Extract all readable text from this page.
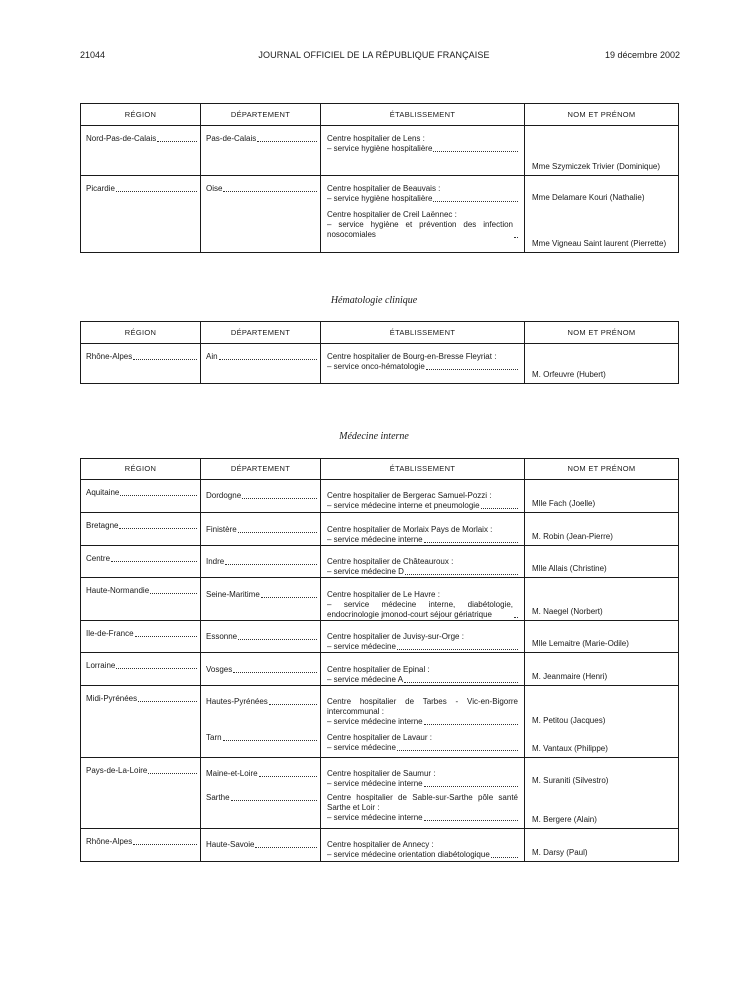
21044	JOURNAL OFFICIEL DE LA RÉPUBLIQUE FRANÇAISE	19 décembre 2002
RÉGION	DÉPARTEMENT	ÉTABLISSEMENT	NOM ET PRÉNOM

Nord-Pas-de-Calais	Pas-de-Calais	Centre hospitalier de Lens :
– service hygiène hospitalière	Mme Szymiczek Trivier (Dominique)

Picardie	Oise	Centre hospitalier de Beauvais :
– service hygiène hospitalière	Mme Delamare Kouri (Nathalie)

		Centre hospitalier de Creil Laënnec :
– service hygiène et prévention des infection nosocomiales	Mme Vigneau Saint laurent (Pierrette)
Hématologie clinique
RÉGION	DÉPARTEMENT	ÉTABLISSEMENT	NOM ET PRÉNOM

Rhône-Alpes	Ain	Centre hospitalier de Bourg-en-Bresse Fleyriat :
– service onco-hématologie	M. Orfeuvre (Hubert)
Médecine interne
RÉGION	DÉPARTEMENT	ÉTABLISSEMENT	NOM ET PRÉNOM

Aquitaine	Dordogne	Centre hospitalier de Bergerac Samuel-Pozzi :
– service médecine interne et pneumologie	Mlle Fach (Joelle)

Bretagne	Finistère	Centre hospitalier de Morlaix Pays de Morlaix :
– service médecine interne	M. Robin (Jean-Pierre)

Centre	Indre	Centre hospitalier de Châteauroux :
– service médecine D	Mlle Allais (Christine)

Haute-Normandie	Seine-Maritime	Centre hospitalier de Le Havre :
– service médecine interne, diabétologie, endocrinologie jmonod-court séjour gériatrique	M. Naegel (Norbert)

Ile-de-France	Essonne	Centre hospitalier de Juvisy-sur-Orge :
– service médecine	Mlle Lemaitre (Marie-Odile)

Lorraine	Vosges	Centre hospitalier de Epinal :
– service médecine A	M. Jeanmaire (Henri)

Midi-Pyrénées	Hautes-Pyrénées	Centre hospitalier de Tarbes - Vic-en-Bigorre intercommunal :
– service médecine interne	M. Petitou (Jacques)

	Tarn	Centre hospitalier de Lavaur :
– service médecine	M. Vantaux (Philippe)

Pays-de-La-Loire	Maine-et-Loire	Centre hospitalier de Saumur :
– service médecine interne	M. Suraniti (Silvestro)

	Sarthe	Centre hospitalier de Sable-sur-Sarthe pôle santé Sarthe et Loir :
– service médecine interne	M. Bergere (Alain)

Rhône-Alpes	Haute-Savoie	Centre hospitalier de Annecy :
– service médecine orientation diabétologique	M. Darsy (Paul)
